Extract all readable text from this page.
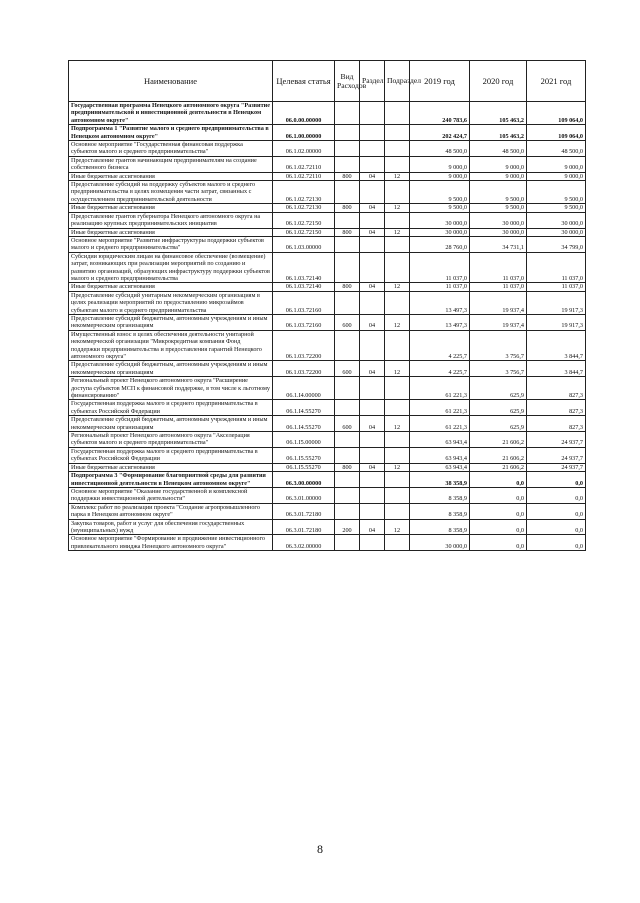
Наименование	Целевая статья	Вид Расходов	Раздел	Подраздел	2019 год	2020 год	2021 год
Государственная программа Ненецкого автономного округа "Развитие предпринимательской и инвестиционной деятельности в Ненецком автономном округе"	06.0.00.00000				240 783,6	105 463,2	109 064,0
Подпрограмма 1 "Развитие малого и среднего предпринимательства в Ненецком автономном округе"	06.1.00.00000				202 424,7	105 463,2	109 064,0
Основное мероприятие "Государственная финансовая поддержка субъектов малого и среднего предпринимательства"	06.1.02.00000				48 500,0	48 500,0	48 500,0
Предоставление грантов начинающим предпринимателям на создание собственного бизнеса	06.1.02.72110				9 000,0	9 000,0	9 000,0
Иные бюджетные ассигнования	06.1.02.72110	800	04	12	9 000,0	9 000,0	9 000,0
Предоставление субсидий на поддержку субъектов малого и среднего предпринимательства в целях возмещения части затрат, связанных с осуществлением предпринимательской деятельности	06.1.02.72130				9 500,0	9 500,0	9 500,0
Иные бюджетные ассигнования	06.1.02.72130	800	04	12	9 500,0	9 500,0	9 500,0
Предоставление грантов губернатора Ненецкого автономного округа на реализацию крупных предпринимательских инициатив	06.1.02.72150				30 000,0	30 000,0	30 000,0
Иные бюджетные ассигнования	06.1.02.72150	800	04	12	30 000,0	30 000,0	30 000,0
Основное мероприятие "Развитие инфраструктуры поддержки субъектов малого и среднего предпринимательства"	06.1.03.00000				28 760,0	34 731,1	34 799,0
Субсидии юридическим лицам на финансовое обеспечение (возмещение) затрат, возникающих при реализации мероприятий по созданию и развитию организаций, образующих инфраструктуру поддержки субъектов малого и среднего предпринимательства	06.1.03.72140				11 037,0	11 037,0	11 037,0
Иные бюджетные ассигнования	06.1.03.72140	800	04	12	11 037,0	11 037,0	11 037,0
Предоставление субсидий унитарным некоммерческим организациям в целях реализации мероприятий по предоставлению микрозаймов субъектам малого и среднего предпринимательства	06.1.03.72160				13 497,3	19 937,4	19 917,3
Предоставление субсидий бюджетным, автономным учреждениям и иным некоммерческим организациям	06.1.03.72160	600	04	12	13 497,3	19 937,4	19 917,3
Имущественный взнос в целях обеспечения деятельности унитарной некоммерческой организации "Микрокредитная компания Фонд поддержки предпринимательства и предоставления гарантий Ненецкого автономного округа"	06.1.03.72200				4 225,7	3 756,7	3 844,7
Предоставление субсидий бюджетным, автономным учреждениям и иным некоммерческим организациям	06.1.03.72200	600	04	12	4 225,7	3 756,7	3 844,7
Региональный проект Ненецкого автономного округа "Расширение доступа субъектов МСП к финансовой поддержке, в том числе к льготному финансированию"	06.1.I4.00000				61 221,3	625,9	827,3
Государственная поддержка малого и среднего предпринимательства в субъектах Российской Федерации	06.1.I4.55270				61 221,3	625,9	827,3
Предоставление субсидий бюджетным, автономным учреждениям и иным некоммерческим организациям	06.1.I4.55270	600	04	12	61 221,3	625,9	827,3
Региональный проект Ненецкого автономного округа "Акселерация субъектов малого и среднего предпринимательства"	06.1.I5.00000				63 943,4	21 606,2	24 937,7
Государственная поддержка малого и среднего предпринимательства в субъектах Российской Федерации	06.1.I5.55270				63 943,4	21 606,2	24 937,7
Иные бюджетные ассигнования	06.1.I5.55270	800	04	12	63 943,4	21 606,2	24 937,7
Подпрограмма 3 "Формирование благоприятной среды для развития инвестиционной деятельности в Ненецком автономном округе"	06.3.00.00000				38 358,9	0,0	0,0
Основное мероприятие "Оказание государственной и комплексной поддержки инвестиционной деятельности"	06.3.01.00000				8 358,9	0,0	0,0
Комплекс работ по реализации проекта "Создание агропромышленного парка в Ненецком автономном округе"	06.3.01.72180				8 358,9	0,0	0,0
Закупка товаров, работ и услуг для обеспечения государственных (муниципальных) нужд	06.3.01.72180	200	04	12	8 358,9	0,0	0,0
Основное мероприятие "Формирование и продвижение инвестиционного привлекательного имиджа Ненецкого автономного округа"	06.3.02.00000				30 000,0	0,0	0,0
8
